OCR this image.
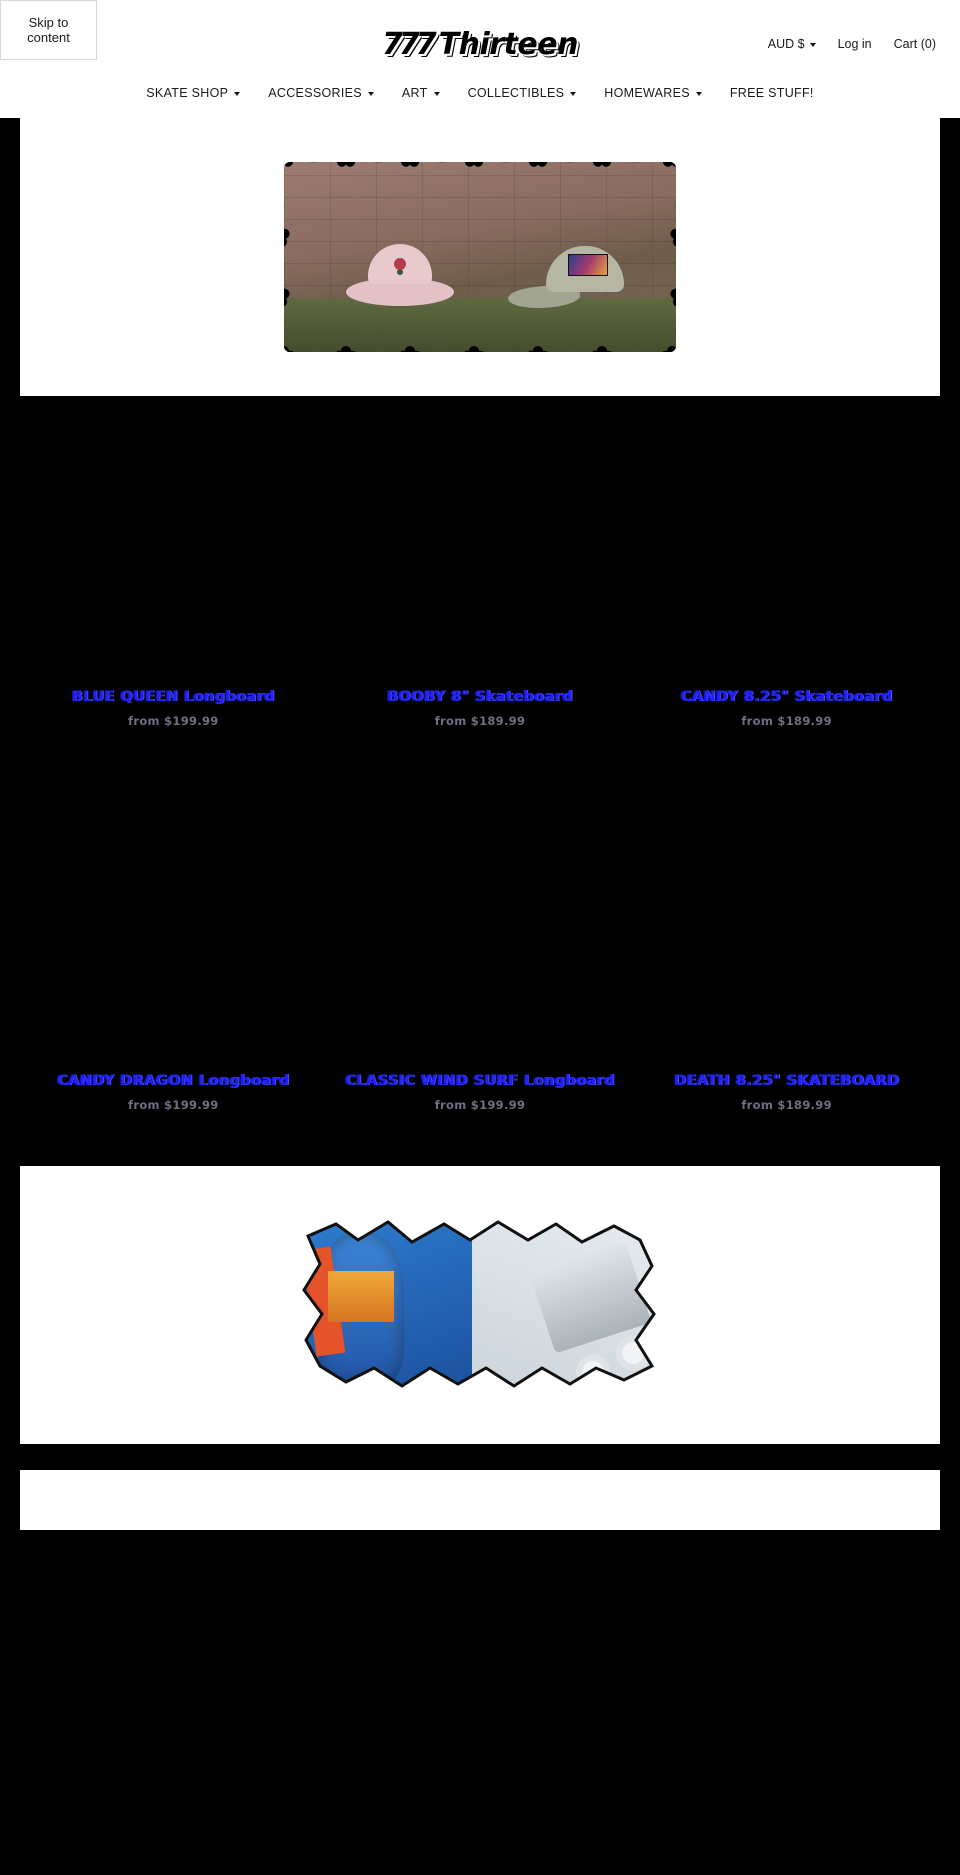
Skip to content	777 Thirteen	AUD $	Log in Cart (0)
SKATE SHOP	ACCESSORIES	ART	COLLECTIBLES	HOMEWARES	FREE STUFF!
BLUE QUEEN Longboard
from $199.99
BOOBY 8" Skateboard
from $189.99
CANDY 8.25" Skateboard
from $189.99
CANDY DRAGON Longboard
from $199.99
CLASSIC WIND SURF Longboard
from $199.99
DEATH 8.25" SKATEBOARD
from $189.99
